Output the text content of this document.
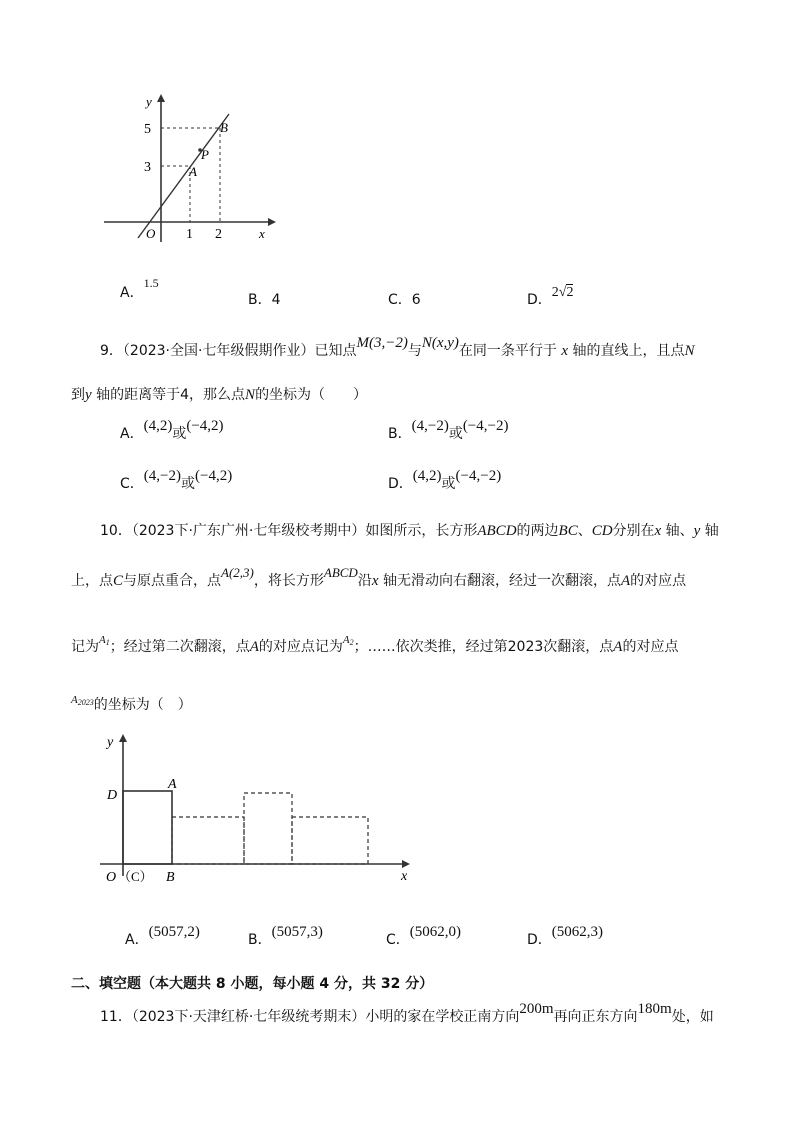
y
x
O
5
3
1 2
B
P
A
A．1.5
B．4	C．6	D．2√2
9．（2023·全国·七年级假期作业）已知点M(3,−2)与N(x,y)在同一条平行于 x 轴的直线上，且点N
到y 轴的距离等于4，那么点N的坐标为（　　）
A．(4,2)或(−4,2)	B．(4,−2)或(−4,−2)
C．(4,−2)或(−4,2)	D．(4,2)或(−4,−2)
10．（2023下·广东广州·七年级校考期中）如图所示，长方形ABCD的两边BC、CD分别在x 轴、y 轴
上，点C与原点重合，点A(2,3)，将长方形ABCD沿x 轴无滑动向右翻滚，经过一次翻滚，点A的对应点
记为$^{A_1}$；经过第二次翻滚，点A的对应点记为$^{A_2}$；……依次类推，经过第2023次翻滚，点A的对应点
$^{A_{2023}}$的坐标为（　）
y
x
D
A
O （C） B
A．(5057,2)	B．(5057,3)	C．(5062,0)	D．(5062,3)
二、填空题（本大题共 8 小题，每小题 4 分，共 32 分）
11．（2023下·天津红桥·七年级统考期末）小明的家在学校正南方向200m再向正东方向180m处，如
